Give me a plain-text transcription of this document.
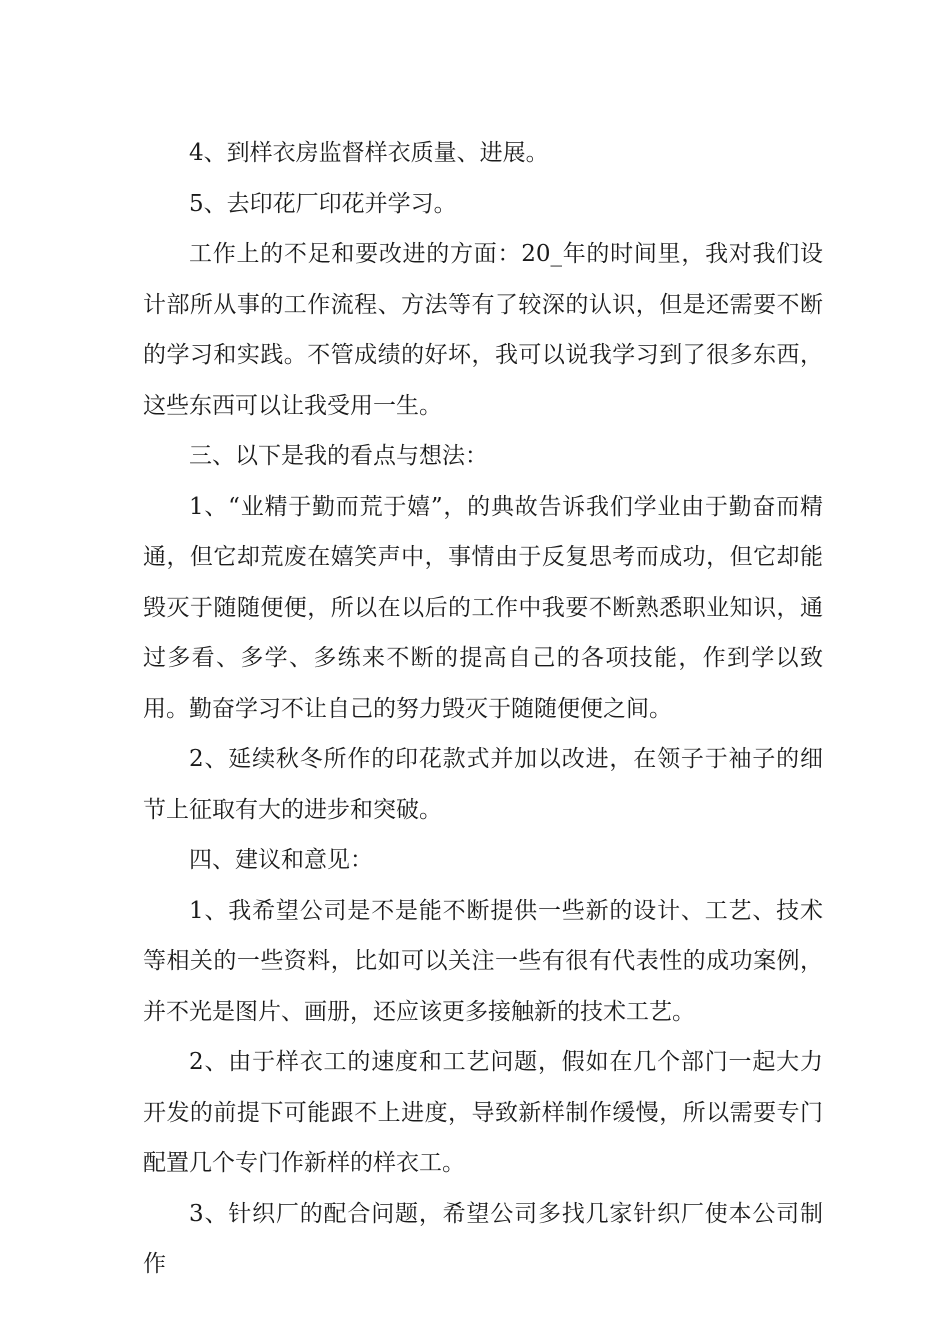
4、到样衣房监督样衣质量、进展。

5、去印花厂印花并学习。

工作上的不足和要改进的方面：20_年的时间里，我对我们设计部所从事的工作流程、方法等有了较深的认识，但是还需要不断的学习和实践。不管成绩的好坏，我可以说我学习到了很多东西，这些东西可以让我受用一生。

三、以下是我的看点与想法：

1、“业精于勤而荒于嬉”，的典故告诉我们学业由于勤奋而精通，但它却荒废在嬉笑声中，事情由于反复思考而成功，但它却能毁灭于随随便便，所以在以后的工作中我要不断熟悉职业知识，通过多看、多学、多练来不断的提高自己的各项技能，作到学以致用。勤奋学习不让自己的努力毁灭于随随便便之间。

2、延续秋冬所作的印花款式并加以改进，在领子于袖子的细节上征取有大的进步和突破。

四、建议和意见：

1、我希望公司是不是能不断提供一些新的设计、工艺、技术等相关的一些资料，比如可以关注一些有很有代表性的成功案例，并不光是图片、画册，还应该更多接触新的技术工艺。

2、由于样衣工的速度和工艺问题，假如在几个部门一起大力开发的前提下可能跟不上进度，导致新样制作缓慢，所以需要专门配置几个专门作新样的样衣工。

3、针织厂的配合问题，希望公司多找几家针织厂使本公司制作
